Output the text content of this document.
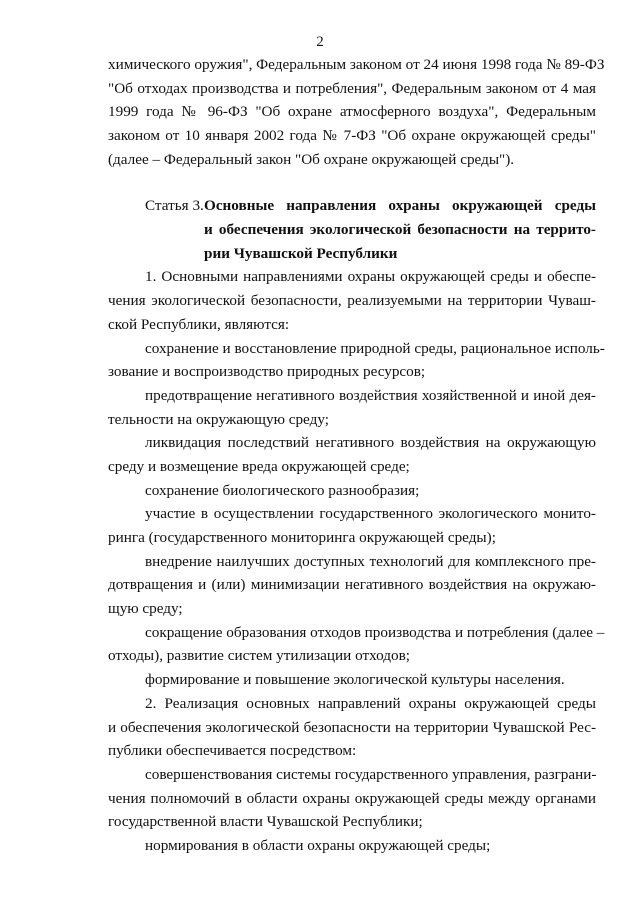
2
химического оружия", Федеральным законом от 24 июня 1998 года № 89-ФЗ
"Об отходах производства и потребления", Федеральным законом от 4 мая
1999 года № 96-ФЗ "Об охране атмосферного воздуха", Федеральным
законом от 10 января 2002 года № 7-ФЗ "Об охране окружающей среды"
(далее – Федеральный закон "Об охране окружающей среды").
Статья 3. Основные направления охраны окружающей среды
и обеспечения экологической безопасности на террито-
рии Чувашской Республики
1. Основными направлениями охраны окружающей среды и обеспе-
чения экологической безопасности, реализуемыми на территории Чуваш-
ской Республики, являются:
сохранение и восстановление природной среды, рациональное исполь-
зование и воспроизводство природных ресурсов;
предотвращение негативного воздействия хозяйственной и иной дея-
тельности на окружающую среду;
ликвидация последствий негативного воздействия на окружающую
среду и возмещение вреда окружающей среде;
сохранение биологического разнообразия;
участие в осуществлении государственного экологического монито-
ринга (государственного мониторинга окружающей среды);
внедрение наилучших доступных технологий для комплексного пре-
дотвращения и (или) минимизации негативного воздействия на окружаю-
щую среду;
сокращение образования отходов производства и потребления (далее –
отходы), развитие систем утилизации отходов;
формирование и повышение экологической культуры населения.
2. Реализация основных направлений охраны окружающей среды
и обеспечения экологической безопасности на территории Чувашской Рес-
публики обеспечивается посредством:
совершенствования системы государственного управления, разграни-
чения полномочий в области охраны окружающей среды между органами
государственной власти Чувашской Республики;
нормирования в области охраны окружающей среды;
